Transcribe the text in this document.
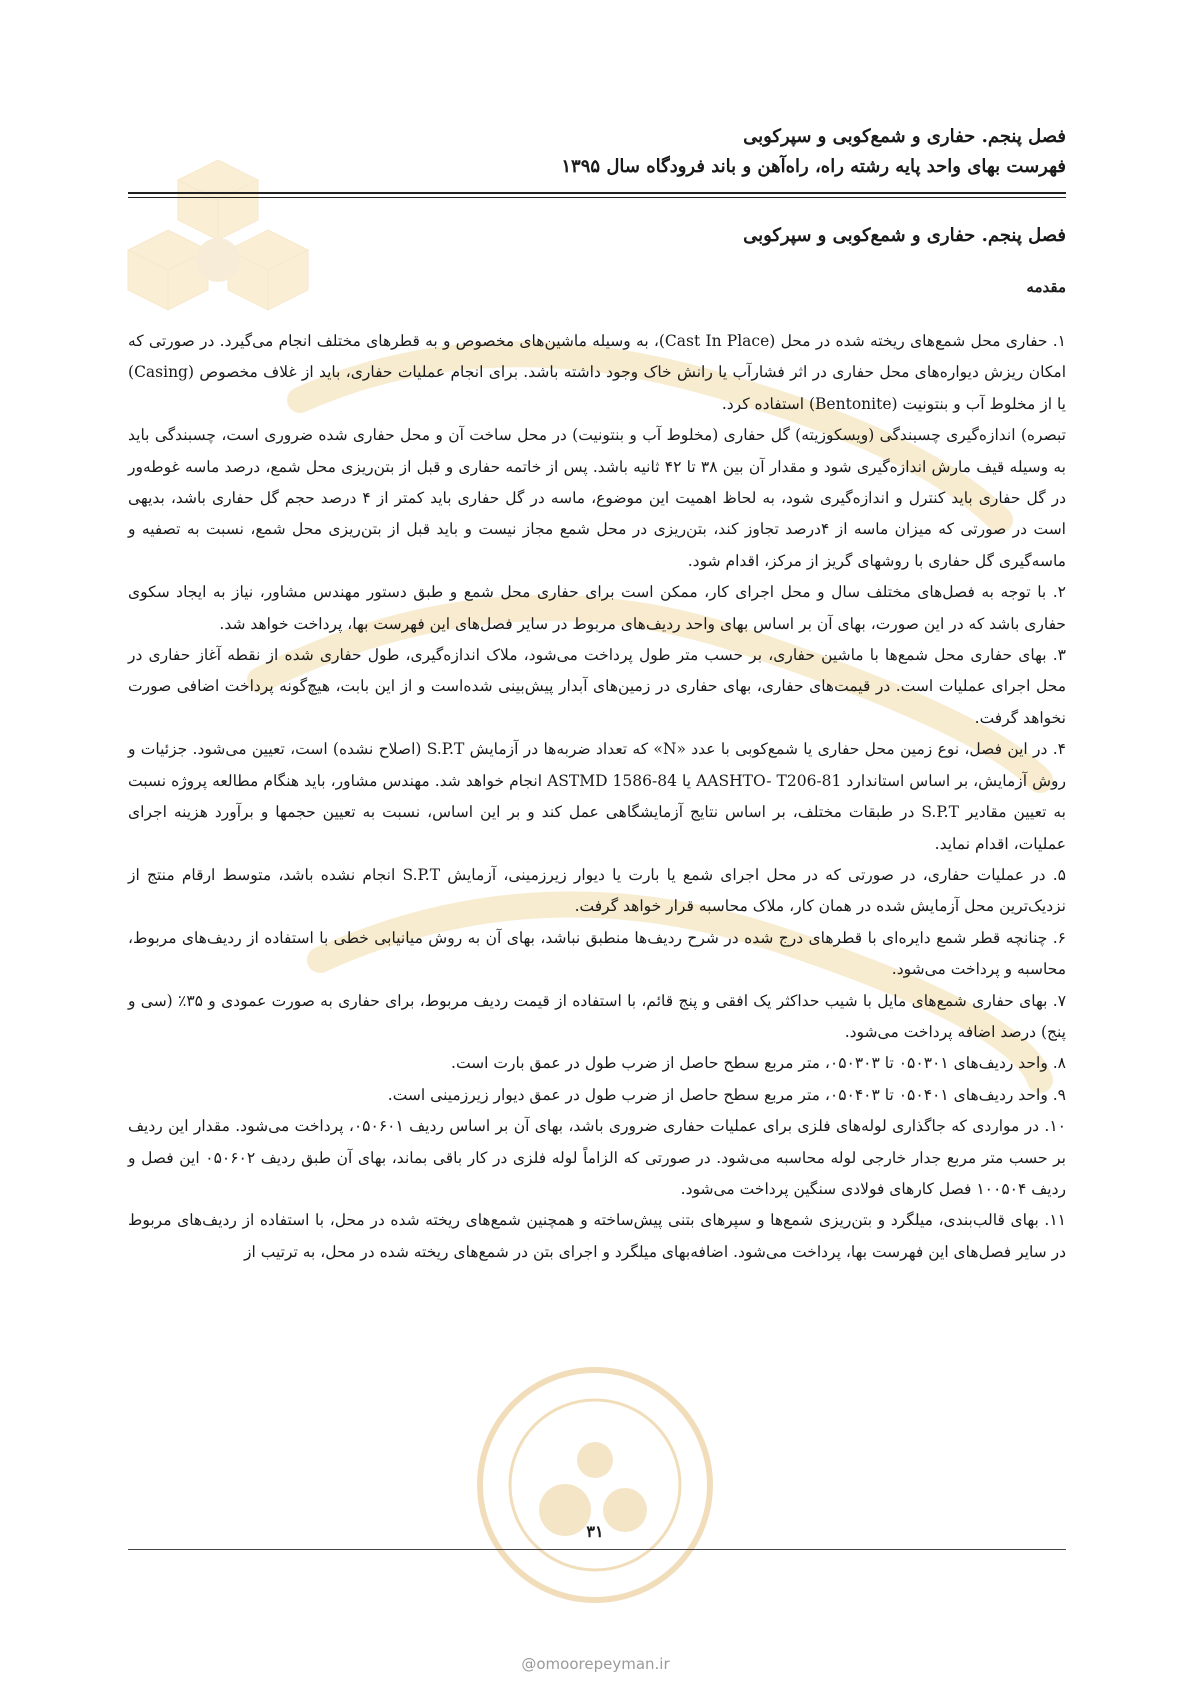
فصل پنجم. حفاری و شمع‌کوبی و سپرکوبی
فهرست بهای واحد پایه رشته راه، راه‌آهن و باند فرودگاه سال ۱۳۹۵
فصل پنجم. حفاری و شمع‌کوبی و سپرکوبی
مقدمه

۱. حفاری محل شمع‌های ریخته شده در محل (Cast In Place)، به وسیله ماشین‌های مخصوص و به قطرهای مختلف انجام می‌گیرد. در صورتی که امکان ریزش دیواره‌های محل حفاری در اثر فشارآب یا رانش خاک وجود داشته باشد. برای انجام عملیات حفاری، باید از غلاف مخصوص (Casing) یا از مخلوط آب و بنتونیت (Bentonite) استفاده کرد.

تبصره) اندازه‌گیری چسبندگی (ویسکوزیته) گل حفاری (مخلوط آب و بنتونیت) در محل ساخت آن و محل حفاری شده ضروری است، چسبندگی باید به وسیله قیف مارش اندازه‌گیری شود و مقدار آن بین ۳۸ تا ۴۲ ثانیه باشد. پس از خاتمه حفاری و قبل از بتن‌ریزی محل شمع، درصد ماسه غوطه‌ور در گل حفاری باید کنترل و اندازه‌گیری شود، به لحاظ اهمیت این موضوع، ماسه در گل حفاری باید کمتر از ۴ درصد حجم گل حفاری باشد، بدیهی است در صورتی که میزان ماسه از ۴درصد تجاوز کند، بتن‌ریزی در محل شمع مجاز نیست و باید قبل از بتن‌ریزی محل شمع، نسبت به تصفیه و ماسه‌گیری گل حفاری با روشهای گریز از مرکز، اقدام شود.

۲. با توجه به فصل‌های مختلف سال و محل اجرای کار، ممکن است برای حفاری محل شمع و طبق دستور مهندس مشاور، نیاز به ایجاد سکوی حفاری باشد که در این صورت، بهای آن بر اساس بهای واحد ردیف‌های مربوط در سایر فصل‌های این فهرست بها، پرداخت خواهد شد.

۳. بهای حفاری محل شمع‌ها با ماشین حفاری، بر حسب متر طول پرداخت می‌شود، ملاک اندازه‌گیری، طول حفاری شده از نقطه آغاز حفاری در محل اجرای عملیات است. در قیمت‌های حفاری، بهای حفاری در زمین‌های آبدار پیش‌بینی شده‌است و از این بابت، هیچ‌گونه پرداخت اضافی صورت نخواهد گرفت.

۴. در این فصل، نوع زمین محل حفاری یا شمع‌کوبی با عدد «N» که تعداد ضربه‌ها در آزمایش S.P.T (اصلاح نشده) است، تعیین می‌شود. جزئیات و روش آزمایش، بر اساس استاندارد AASHTO- T206-81 یا ASTMD 1586-84 انجام خواهد شد. مهندس مشاور، باید هنگام مطالعه پروژه نسبت به تعیین مقادیر S.P.T در طبقات مختلف، بر اساس نتایج آزمایشگاهی عمل کند و بر این اساس، نسبت به تعیین حجمها و برآورد هزینه اجرای عملیات، اقدام نماید.

۵. در عملیات حفاری، در صورتی که در محل اجرای شمع یا بارت یا دیوار زیرزمینی، آزمایش S.P.T انجام نشده باشد، متوسط ارقام منتج از نزدیک‌ترین محل آزمایش شده در همان کار، ملاک محاسبه قرار خواهد گرفت.

۶. چنانچه قطر شمع دایره‌ای با قطرهای درج شده در شرح ردیف‌ها منطبق نباشد، بهای آن به روش میانیابی خطی با استفاده از ردیف‌های مربوط، محاسبه و پرداخت می‌شود.

۷. بهای حفاری شمع‌های مایل با شیب حداکثر یک افقی و پنج قائم، با استفاده از قیمت ردیف مربوط، برای حفاری به صورت عمودی و ۳۵٪ (سی و پنج) درصد اضافه پرداخت می‌شود.

۸. واحد ردیف‌های ۰۵۰۳۰۱ تا ۰۵۰۳۰۳، متر مربع سطح حاصل از ضرب طول در عمق بارت است.

۹. واحد ردیف‌های ۰۵۰۴۰۱ تا ۰۵۰۴۰۳، متر مربع سطح حاصل از ضرب طول در عمق دیوار زیرزمینی است.

۱۰. در مواردی که جاگذاری لوله‌های فلزی برای عملیات حفاری ضروری باشد، بهای آن بر اساس ردیف ۰۵۰۶۰۱، پرداخت می‌شود. مقدار این ردیف بر حسب متر مربع جدار خارجی لوله محاسبه می‌شود. در صورتی که الزاماً لوله فلزی در کار باقی بماند، بهای آن طبق ردیف ۰۵۰۶۰۲ این فصل و ردیف ۱۰۰۵۰۴ فصل کارهای فولادی سنگین پرداخت می‌شود.

۱۱. بهای قالب‌بندی، میلگرد و بتن‌ریزی شمع‌ها و سپرهای بتنی پیش‌ساخته و همچنین شمع‌های ریخته شده در محل، با استفاده از ردیف‌های مربوط در سایر فصل‌های این فهرست بها، پرداخت می‌شود. اضافه‌بهای میلگرد و اجرای بتن در شمع‌های ریخته شده در محل، به ترتیب از

۳۱
@omoorepeyman.ir
